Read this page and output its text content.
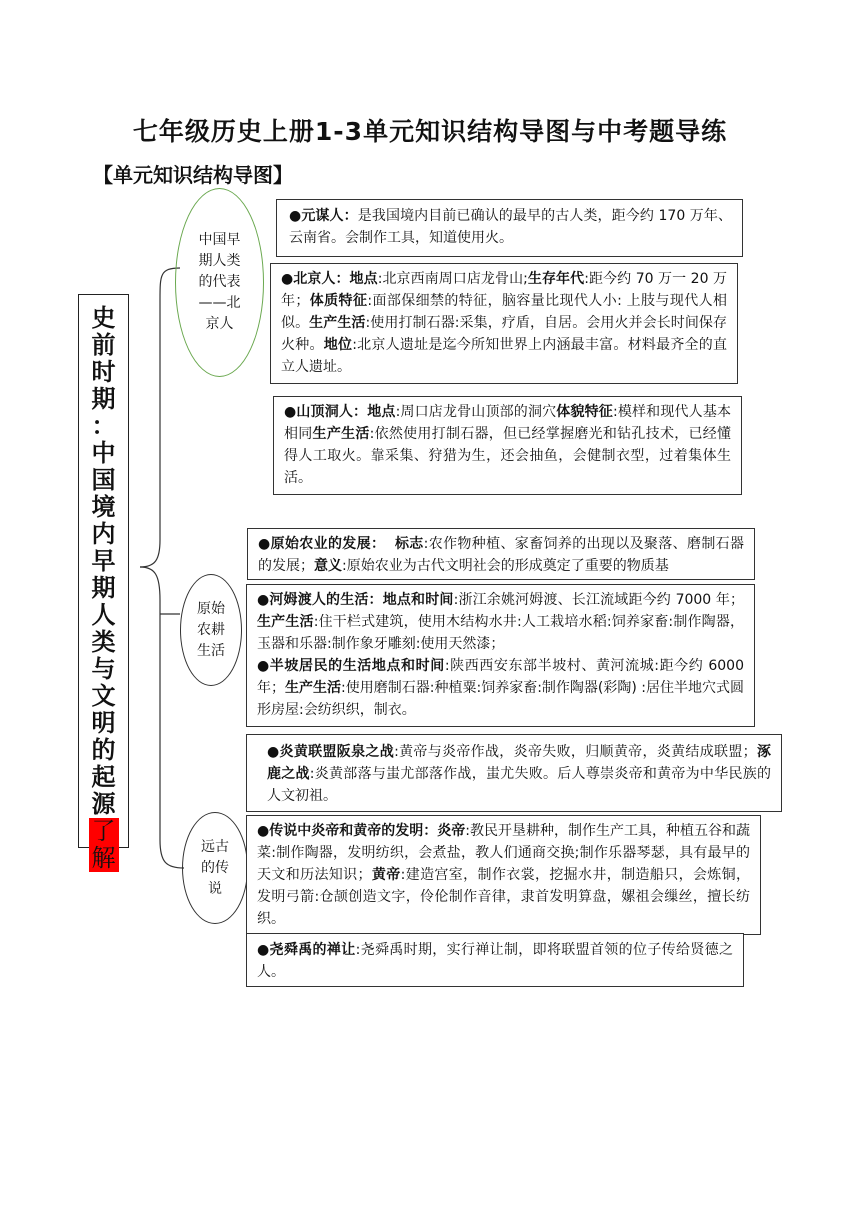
七年级历史上册1-3单元知识结构导图与中考题导练
【单元知识结构导图】
史
前
时
期
：
中
国
境
内
早
期
人
类
与
文
明
的
起
源
了
解
中国早
期人类
的代表
——北
京人
原始
农耕
生活
远古
的传
说
●元谋人：是我国境内目前已确认的最早的古人类，距今约 170 万年、云南省。会制作工具，知道使用火。
●北京人：地点:北京西南周口店龙骨山;生存年代:距今约 70 万一 20 万年；体质特征:面部保细禁的特征，脑容量比现代人小: 上肢与现代人相似。生产生活:使用打制石器:采集，疗盾，自居。会用火并会长时间保存火种。地位:北京人遗址是迄今所知世界上内涵最丰富。材料最齐全的直立人遗址。
●山顶洞人：地点:周口店龙骨山顶部的洞穴体貌特征:模样和现代人基本相同生产生活:依然使用打制石器，但已经掌握磨光和钻孔技术，已经懂得人工取火。靠采集、狩猎为生，还会抽鱼，会健制衣型，过着集体生活。
●原始农业的发展： 标志:农作物种植、家畜饲养的出现以及聚落、磨制石器的发展；意义:原始农业为古代文明社会的形成奠定了重要的物质基
●河姆渡人的生活：地点和时间:浙江余姚河姆渡、长江流域距今约 7000 年；生产生活:住干栏式建筑，使用木结构水井:人工栽培水稻:饲养家畜:制作陶器，玉器和乐器:制作象牙雕刻:使用天然漆；
●半坡居民的生活地点和时间:陕西西安东部半坡村、黄河流城:距今约 6000 年；生产生活:使用磨制石器:种植粟:饲养家畜:制作陶器(彩陶) :居住半地穴式圆形房屋:会纺织织，制衣。
●炎黄联盟阪泉之战:黄帝与炎帝作战，炎帝失败，归顺黄帝，炎黄结成联盟；涿鹿之战:炎黄部落与蚩尤部落作战，蚩尤失败。后人尊崇炎帝和黄帝为中华民族的人文初祖。
●传说中炎帝和黄帝的发明：炎帝:教民开垦耕种，制作生产工具，种植五谷和蔬菜:制作陶器，发明纺织，会煮盐，教人们通商交换;制作乐器琴瑟，具有最早的天文和历法知识；黄帝:建造宫室，制作衣裳，挖掘水井，制造船只，会炼铜，发明弓箭:仓颉创造文字，伶伦制作音律，隶首发明算盘，嫘祖会缫丝，擅长纺织。
●尧舜禹的禅让:尧舜禹时期，实行禅让制，即将联盟首领的位子传给贤德之人。
